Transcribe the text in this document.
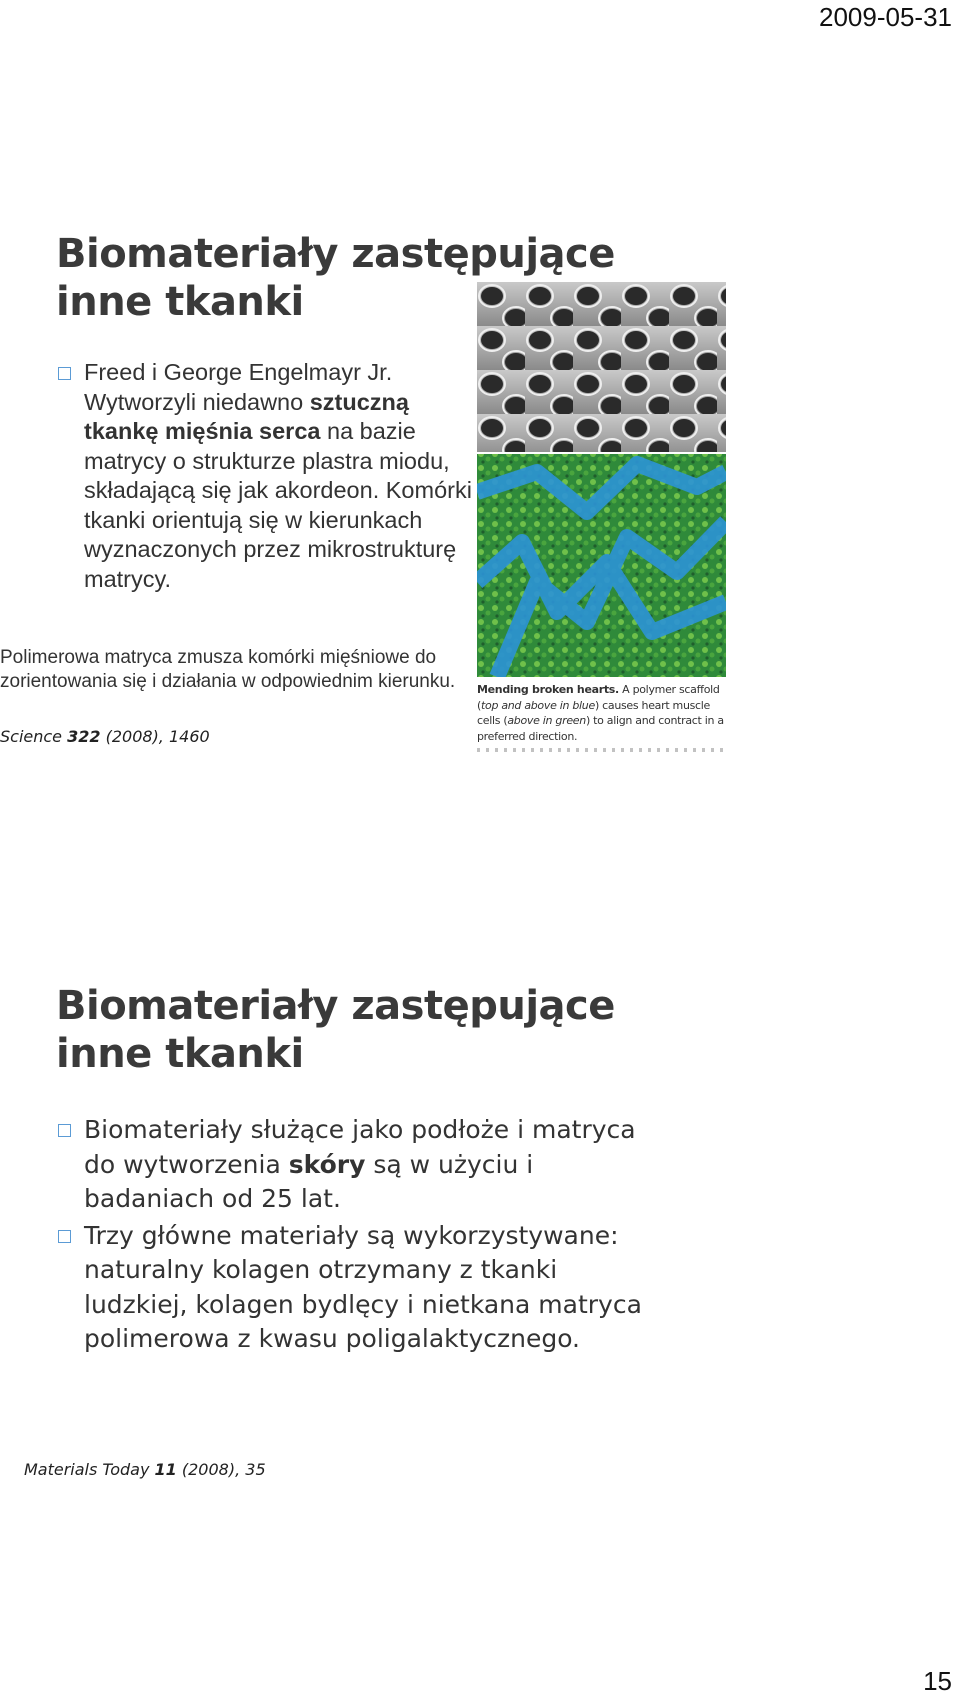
2009-05-31
Biomateriały zastępujące
inne tkanki
Freed i George Engelmayr Jr. Wytworzyli niedawno sztuczną tkankę mięśnia serca na bazie matrycy o strukturze plastra miodu, składającą się jak akordeon. Komórki tkanki orientują się w kierunkach wyznaczonych przez mikrostrukturę matrycy.
Polimerowa matryca zmusza komórki mięśniowe do zorientowania się i działania w odpowiednim kierunku.
Science 322 (2008), 1460
Mending broken hearts. A polymer scaffold (top and above in blue) causes heart muscle cells (above in green) to align and contract in a preferred direction.
Biomateriały zastępujące
inne tkanki
Biomateriały służące jako podłoże i matryca do wytworzenia skóry są w użyciu i badaniach od 25 lat.
Trzy główne materiały są wykorzystywane: naturalny kolagen otrzymany z tkanki ludzkiej, kolagen bydlęcy i nietkana matryca polimerowa z kwasu poligalaktycznego.
Materials Today 11 (2008), 35
15
